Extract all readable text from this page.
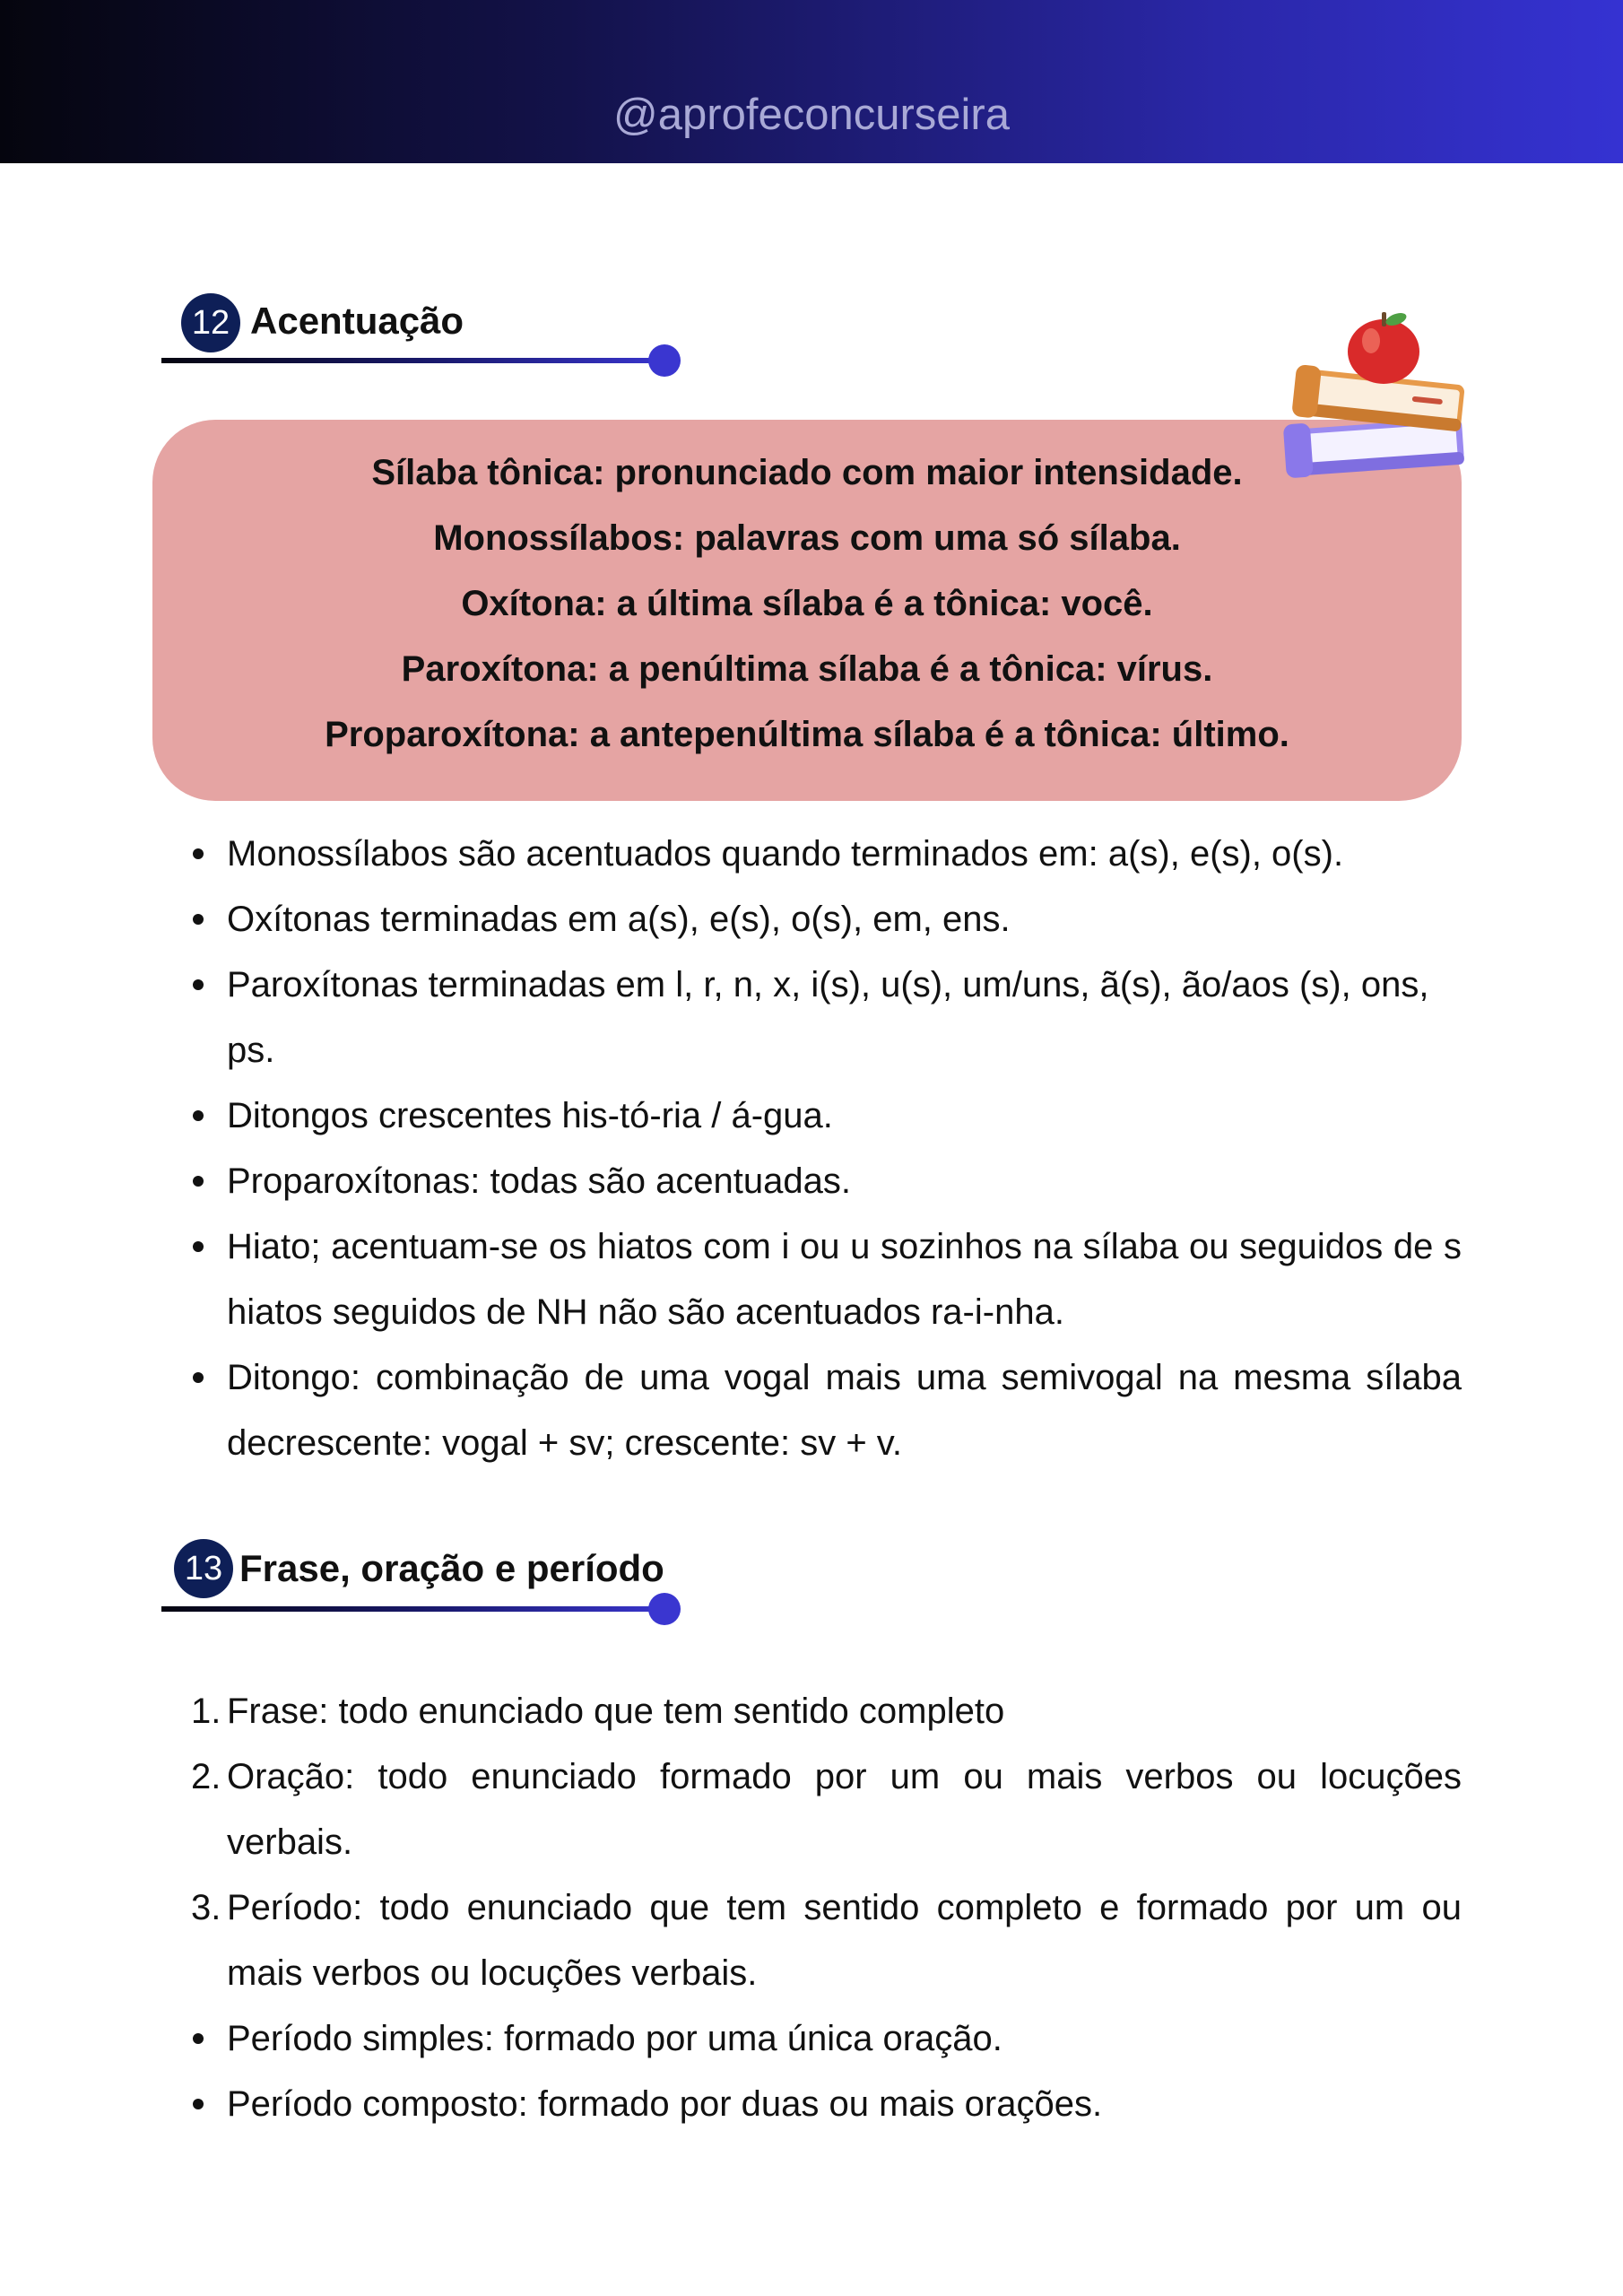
@aprofeconcurseira
12 Acentuação
Sílaba tônica: pronunciado com maior intensidade.
Monossílabos: palavras com uma só sílaba.
Oxítona: a última sílaba é a tônica: você.
Paroxítona: a penúltima sílaba é a tônica: vírus.
Proparoxítona: a antepenúltima sílaba é a tônica: último.
Monossílabos são acentuados quando terminados em: a(s), e(s), o(s).
Oxítonas terminadas em a(s), e(s), o(s), em, ens.
Paroxítonas terminadas em l, r, n, x, i(s), u(s), um/uns, ã(s), ão/aos (s), ons, ps.
Ditongos crescentes his-tó-ria / á-gua.
Proparoxítonas: todas são acentuadas.
Hiato; acentuam-se os hiatos com i ou u sozinhos na sílaba ou seguidos de s hiatos seguidos de NH não são acentuados ra-i-nha.
Ditongo: combinação de uma vogal mais uma semivogal na mesma sílaba decrescente: vogal + sv; crescente: sv + v.
13 Frase, oração e período
1. Frase: todo enunciado que tem sentido completo
2. Oração: todo enunciado formado por um ou mais verbos ou locuções verbais.
3. Período: todo enunciado que tem sentido completo e formado por um ou mais verbos ou locuções verbais.
Período simples: formado por uma única oração.
Período composto: formado por duas ou mais orações.
